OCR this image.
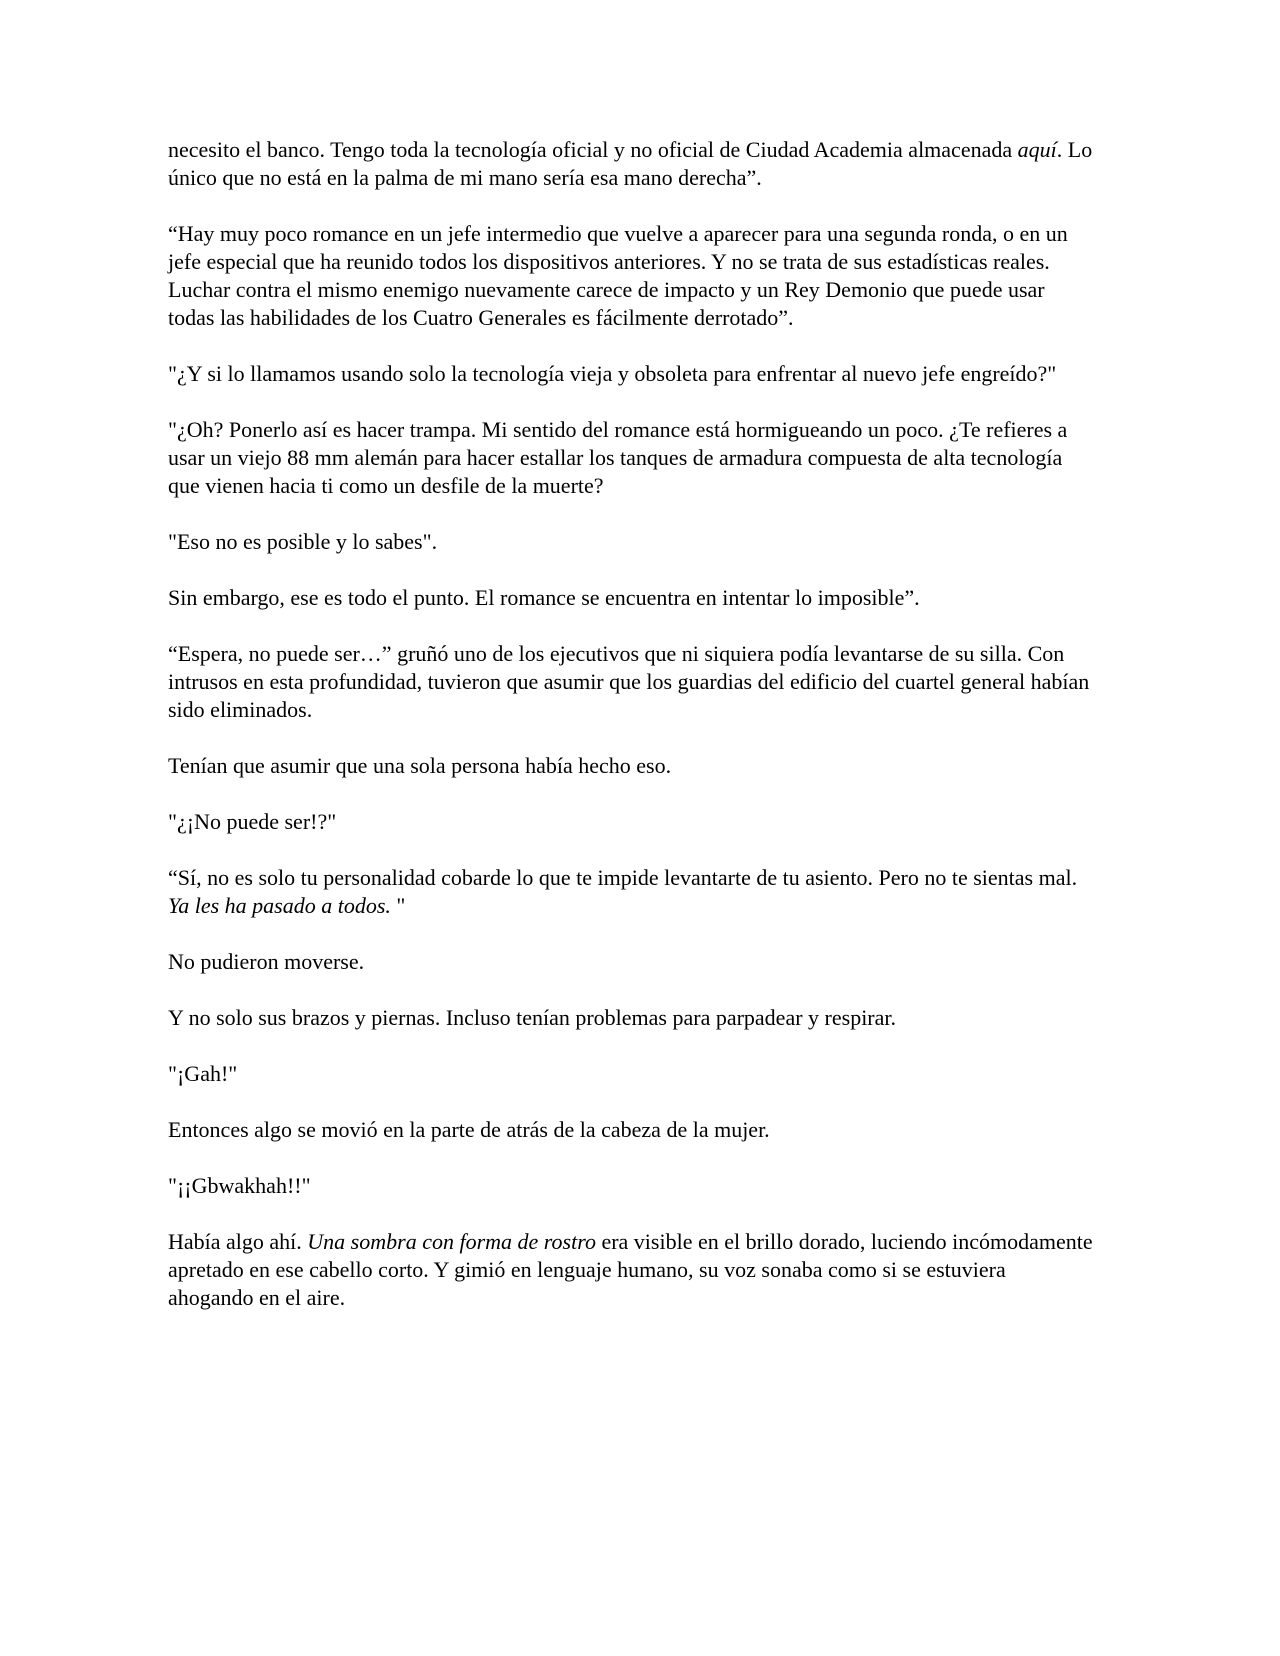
necesito el banco. Tengo toda la tecnología oficial y no oficial de Ciudad Academia almacenada aquí. Lo único que no está en la palma de mi mano sería esa mano derecha”.

“Hay muy poco romance en un jefe intermedio que vuelve a aparecer para una segunda ronda, o en un jefe especial que ha reunido todos los dispositivos anteriores. Y no se trata de sus estadísticas reales. Luchar contra el mismo enemigo nuevamente carece de impacto y un Rey Demonio que puede usar todas las habilidades de los Cuatro Generales es fácilmente derrotado”.

"¿Y si lo llamamos usando solo la tecnología vieja y obsoleta para enfrentar al nuevo jefe engreído?"

"¿Oh? Ponerlo así es hacer trampa. Mi sentido del romance está hormigueando un poco. ¿Te refieres a usar un viejo 88 mm alemán para hacer estallar los tanques de armadura compuesta de alta tecnología que vienen hacia ti como un desfile de la muerte?

"Eso no es posible y lo sabes".

Sin embargo, ese es todo el punto. El romance se encuentra en intentar lo imposible”.

“Espera, no puede ser…” gruñó uno de los ejecutivos que ni siquiera podía levantarse de su silla. Con intrusos en esta profundidad, tuvieron que asumir que los guardias del edificio del cuartel general habían sido eliminados.

Tenían que asumir que una sola persona había hecho eso.

"¿¡No puede ser!?"

“Sí, no es solo tu personalidad cobarde lo que te impide levantarte de tu asiento. Pero no te sientas mal. Ya les ha pasado a todos. "

No pudieron moverse.

Y no solo sus brazos y piernas. Incluso tenían problemas para parpadear y respirar.

"¡Gah!"

Entonces algo se movió en la parte de atrás de la cabeza de la mujer.

"¡¡Gbwakhah!!"

Había algo ahí. Una sombra con forma de rostro era visible en el brillo dorado, luciendo incómodamente apretado en ese cabello corto. Y gimió en lenguaje humano, su voz sonaba como si se estuviera ahogando en el aire.
